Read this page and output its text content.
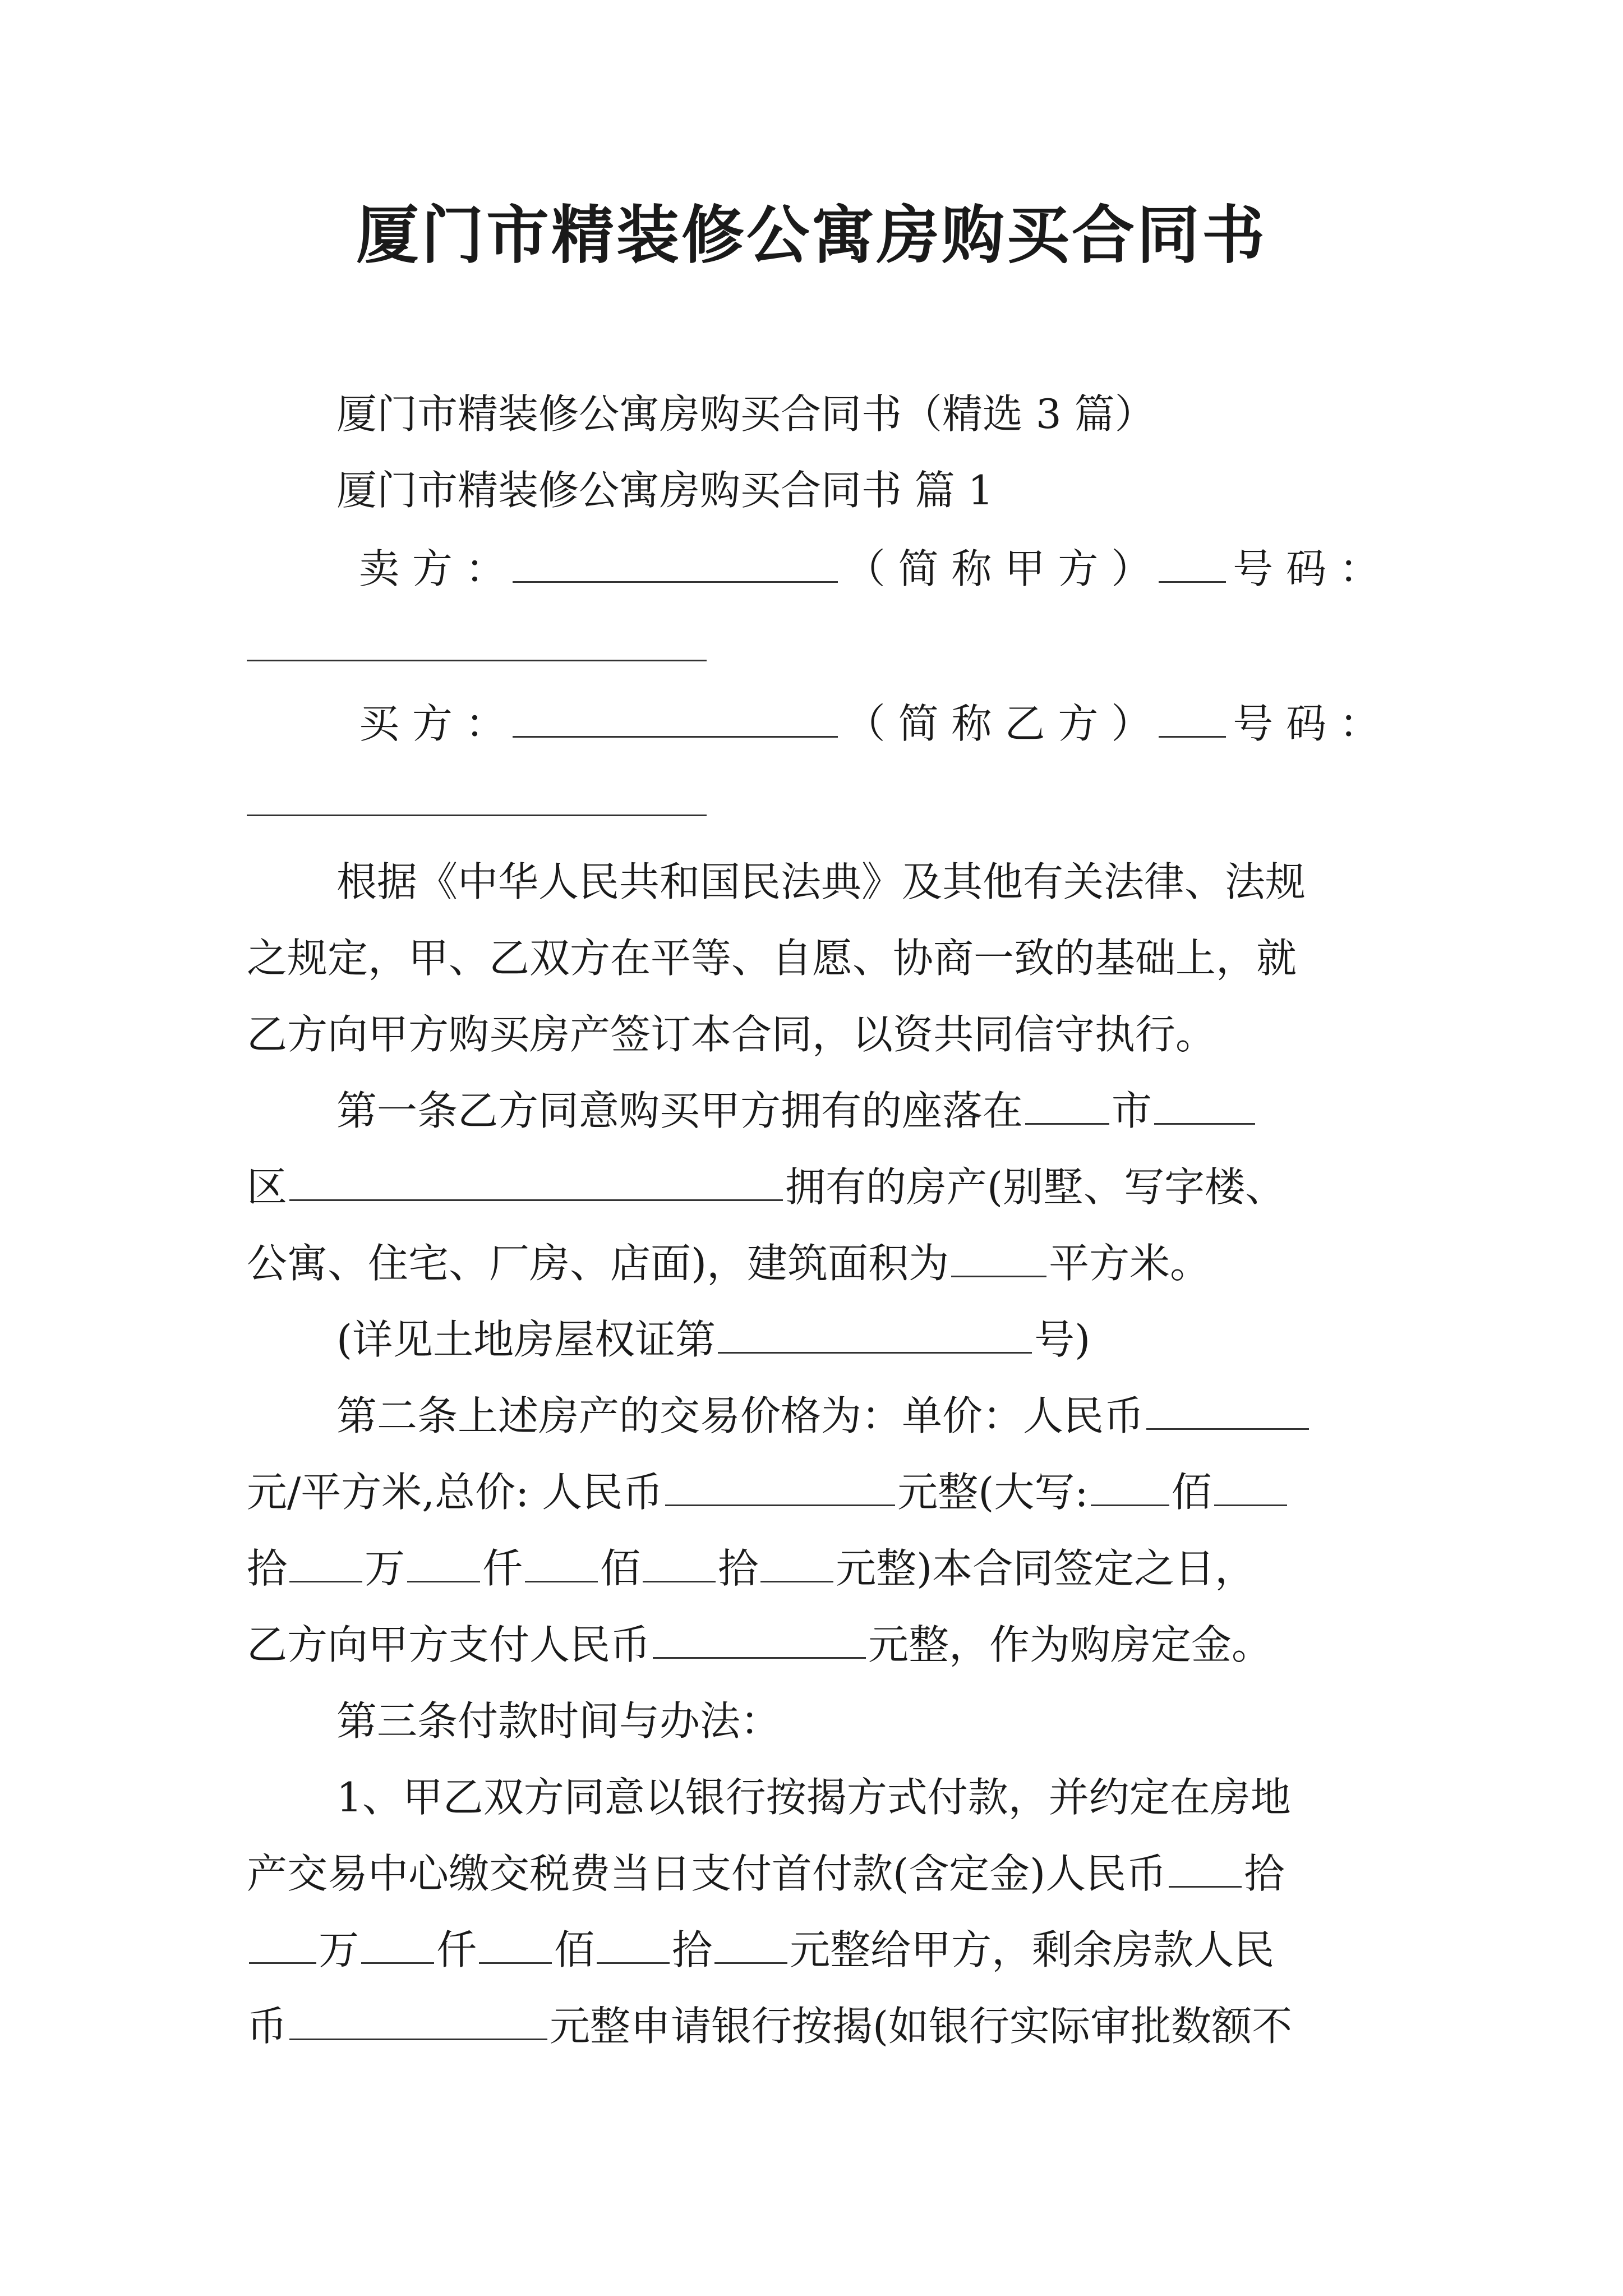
厦门市精装修公寓房购买合同书
厦门市精装修公寓房购买合同书（精选 3 篇）
厦门市精装修公寓房购买合同书 篇 1
卖 方 ：	（ 简 称 甲 方 ） 号 码 ：
买 方 ：	（ 简 称 乙 方 ） 号 码 ：
根据《中华人民共和国民法典》及其他有关法律、法规
之规定，甲、乙双方在平等、自愿、协商一致的基础上，就
乙方向甲方购买房产签订本合同，以资共同信守执行。
第一条乙方同意购买甲方拥有的座落在 市
区	拥有的房产(别墅、写字楼、
公寓、住宅、厂房、店面)，建筑面积为 平方米。
(详见土地房屋权证第	号)
第二条上述房产的交易价格为：单价：人民币
元/平方米,总价: 人民币	元整(大写: 佰
拾 万 仟 佰 拾 元整)本合同签定之日，
乙方向甲方支付人民币	元整，作为购房定金。
第三条付款时间与办法：
1、甲乙双方同意以银行按揭方式付款，并约定在房地
产交易中心缴交税费当日支付首付款(含定金)人民币 拾
万 仟 佰 拾 元整给甲方，剩余房款人民
币	元整申请银行按揭(如银行实际审批数额不
